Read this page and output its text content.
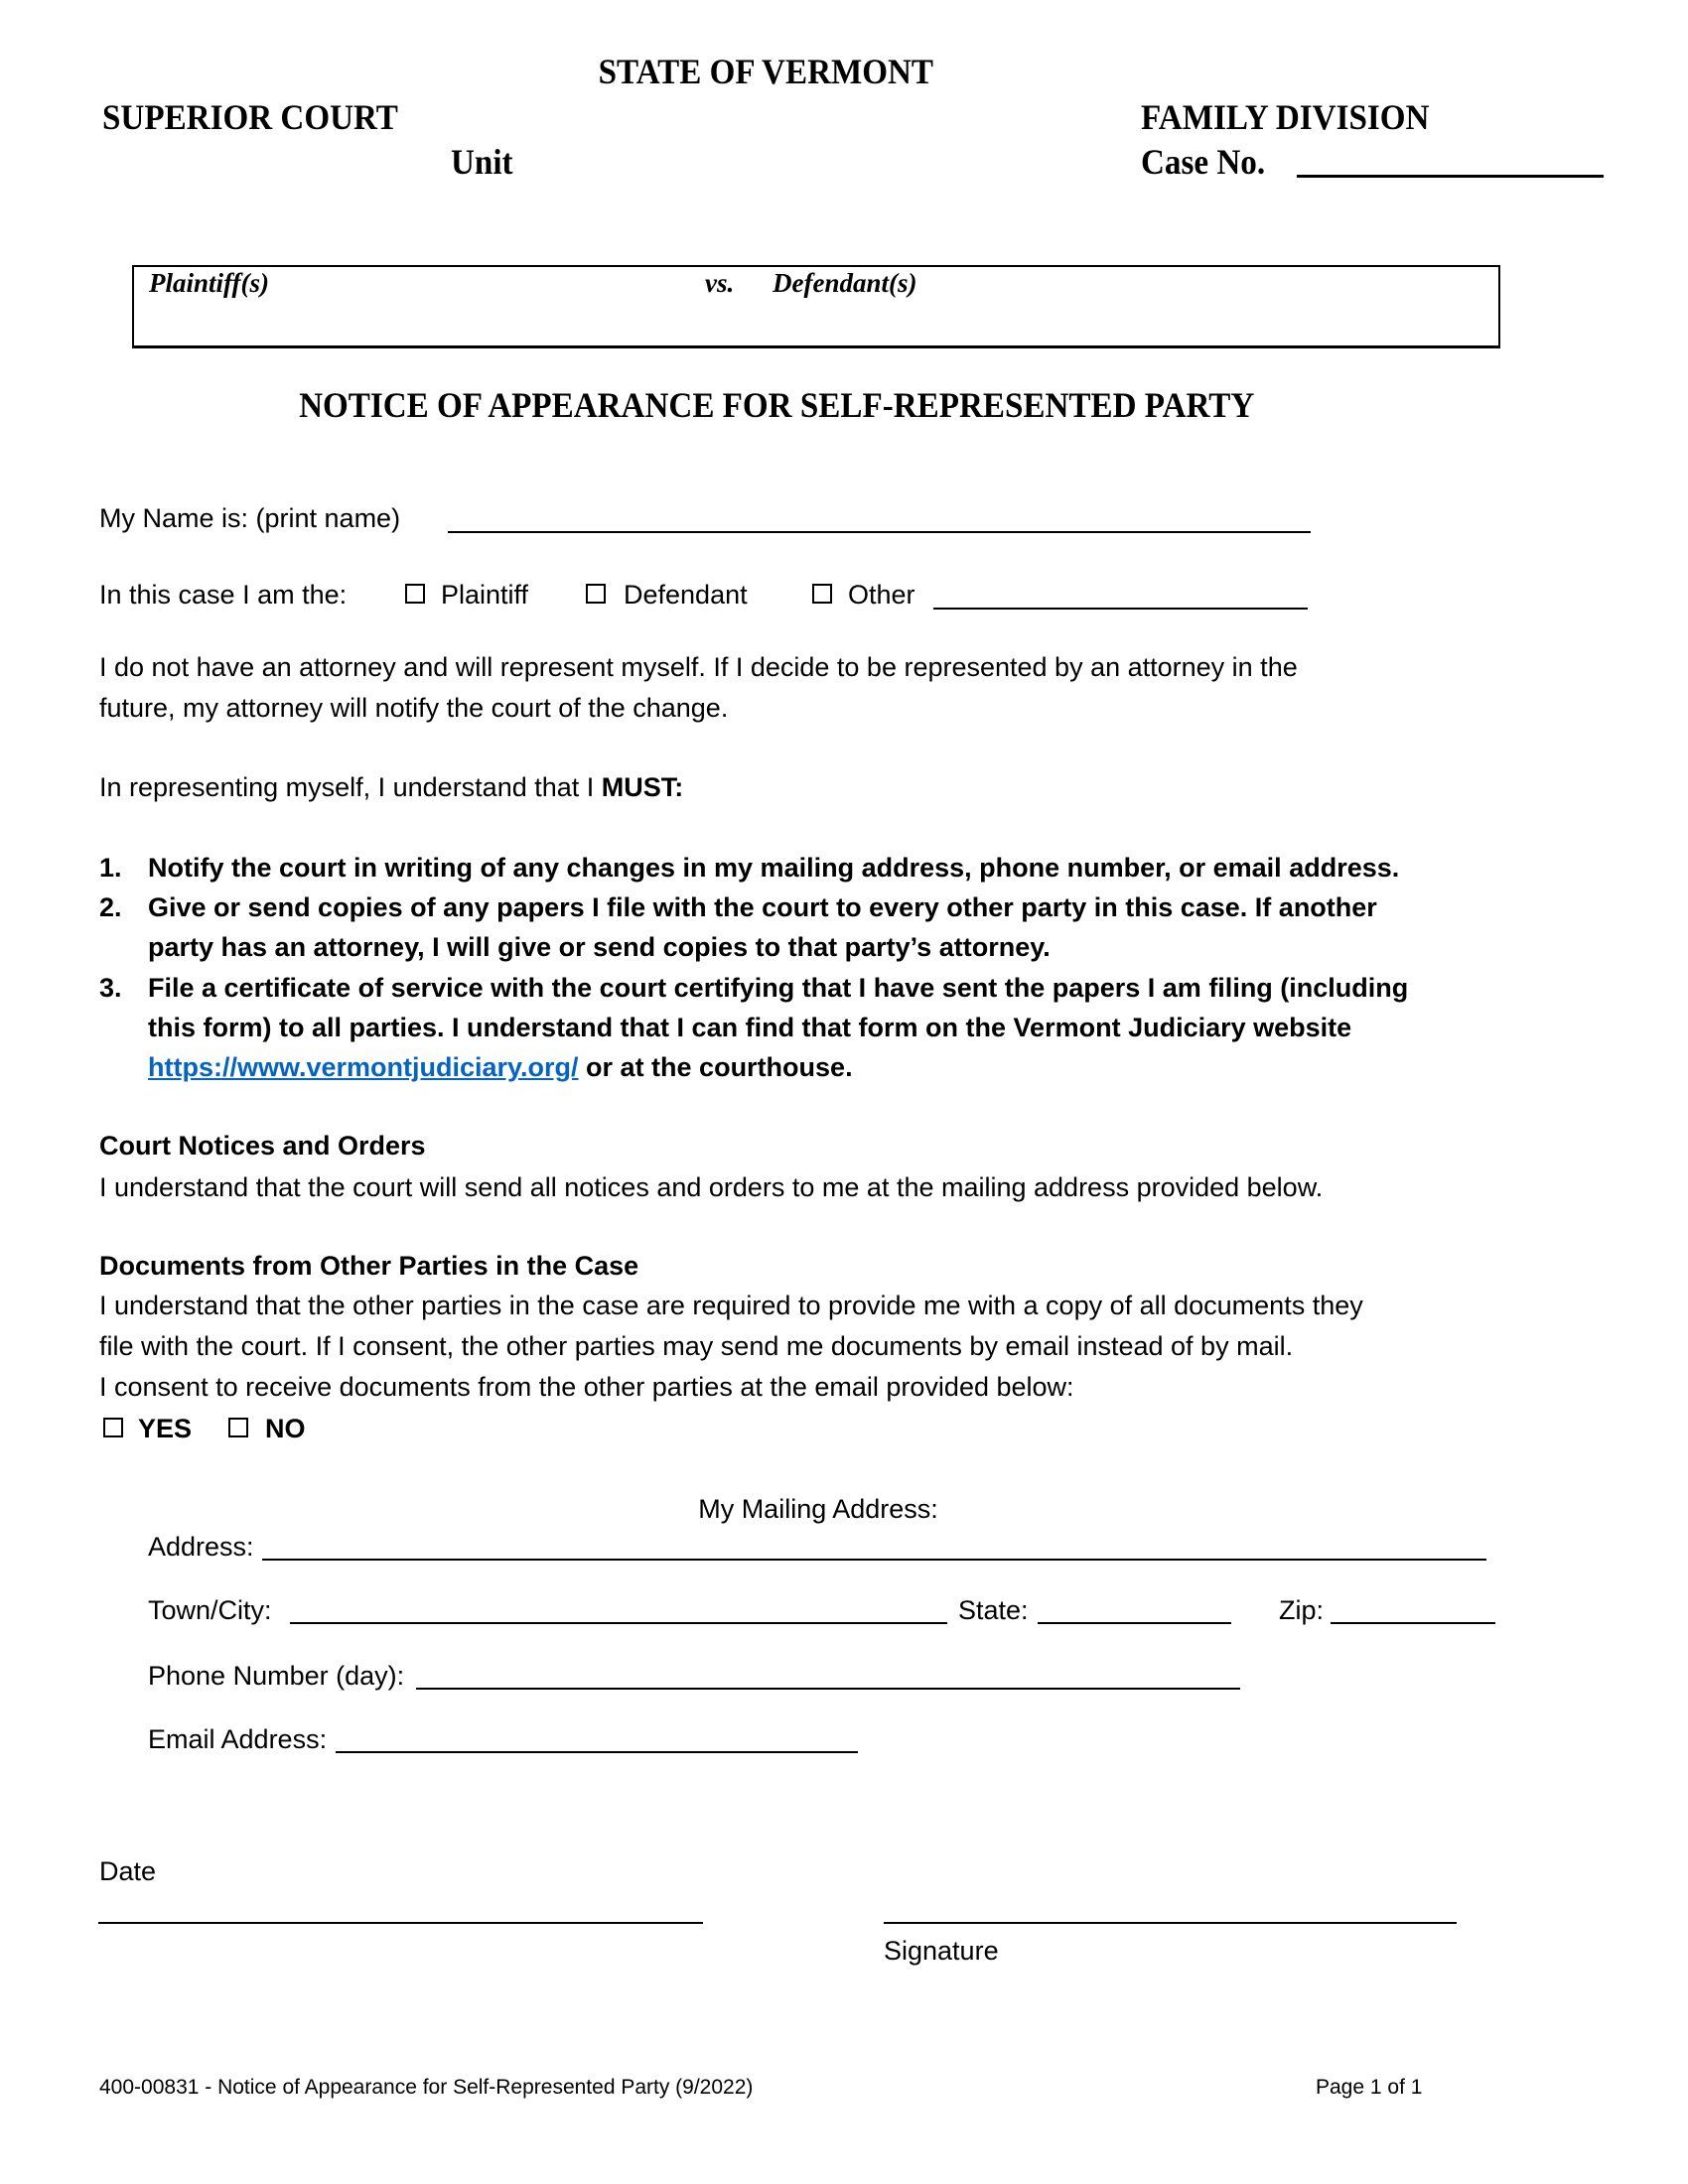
STATE OF VERMONT
SUPERIOR COURT
Unit
FAMILY DIVISION
Case No.
Plaintiff(s)	vs. Defendant(s)
NOTICE OF APPEARANCE FOR SELF-REPRESENTED PARTY
My Name is: (print name)
In this case I am the:	Plaintiff	Defendant	Other
I do not have an attorney and will represent myself. If I decide to be represented by an attorney in the
future, my attorney will notify the court of the change.
In representing myself, I understand that I MUST:
1. Notify the court in writing of any changes in my mailing address, phone number, or email address.
2. Give or send copies of any papers I file with the court to every other party in this case. If another
party has an attorney, I will give or send copies to that party’s attorney.
3. File a certificate of service with the court certifying that I have sent the papers I am filing (including
this form) to all parties. I understand that I can find that form on the Vermont Judiciary website
https://www.vermontjudiciary.org/ or at the courthouse.
Court Notices and Orders
I understand that the court will send all notices and orders to me at the mailing address provided below.
Documents from Other Parties in the Case
I understand that the other parties in the case are required to provide me with a copy of all documents they
file with the court. If I consent, the other parties may send me documents by email instead of by mail.
I consent to receive documents from the other parties at the email provided below:
YES	NO
My Mailing Address:
Address:
Town/City:	State:	Zip:
Phone Number (day):
Email Address:
Date
Signature
400-00831 - Notice of Appearance for Self-Represented Party (9/2022)	Page 1 of 1
